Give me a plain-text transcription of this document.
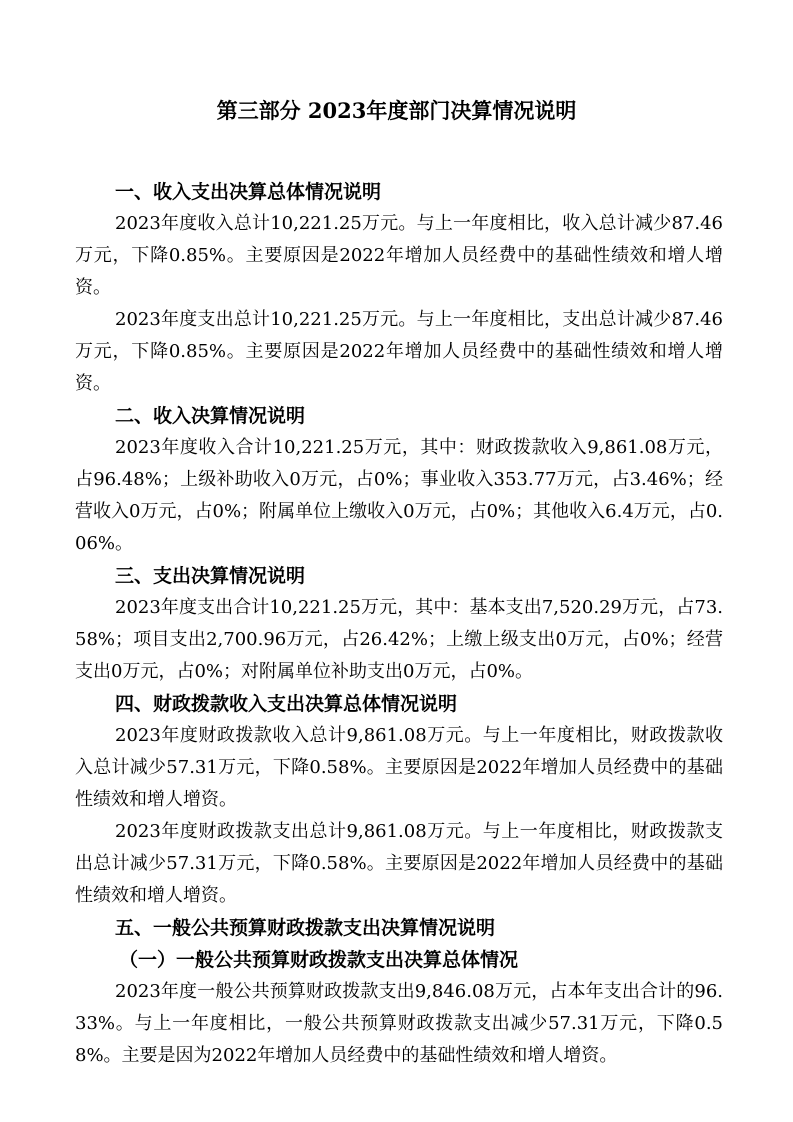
第三部分 2023年度部门决算情况说明
一、收入支出决算总体情况说明

2023年度收入总计10,221.25万元。与上一年度相比，收入总计减少87.46万元，下降0.85%。主要原因是2022年增加人员经费中的基础性绩效和增人增资。

2023年度支出总计10,221.25万元。与上一年度相比，支出总计减少87.46万元，下降0.85%。主要原因是2022年增加人员经费中的基础性绩效和增人增资。

二、收入决算情况说明

2023年度收入合计10,221.25万元，其中：财政拨款收入9,861.08万元，占96.48%；上级补助收入0万元，占0%；事业收入353.77万元，占3.46%；经营收入0万元，占0%；附属单位上缴收入0万元，占0%；其他收入6.4万元，占0.06%。

三、支出决算情况说明

2023年度支出合计10,221.25万元，其中：基本支出7,520.29万元，占73.58%；项目支出2,700.96万元，占26.42%；上缴上级支出0万元，占0%；经营支出0万元，占0%；对附属单位补助支出0万元，占0%。

四、财政拨款收入支出决算总体情况说明

2023年度财政拨款收入总计9,861.08万元。与上一年度相比，财政拨款收入总计减少57.31万元，下降0.58%。主要原因是2022年增加人员经费中的基础性绩效和增人增资。

2023年度财政拨款支出总计9,861.08万元。与上一年度相比，财政拨款支出总计减少57.31万元，下降0.58%。主要原因是2022年增加人员经费中的基础性绩效和增人增资。

五、一般公共预算财政拨款支出决算情况说明
（一）一般公共预算财政拨款支出决算总体情况

2023年度一般公共预算财政拨款支出9,846.08万元，占本年支出合计的96.33%。与上一年度相比，一般公共预算财政拨款支出减少57.31万元，下降0.58%。主要是因为2022年增加人员经费中的基础性绩效和增人增资。
